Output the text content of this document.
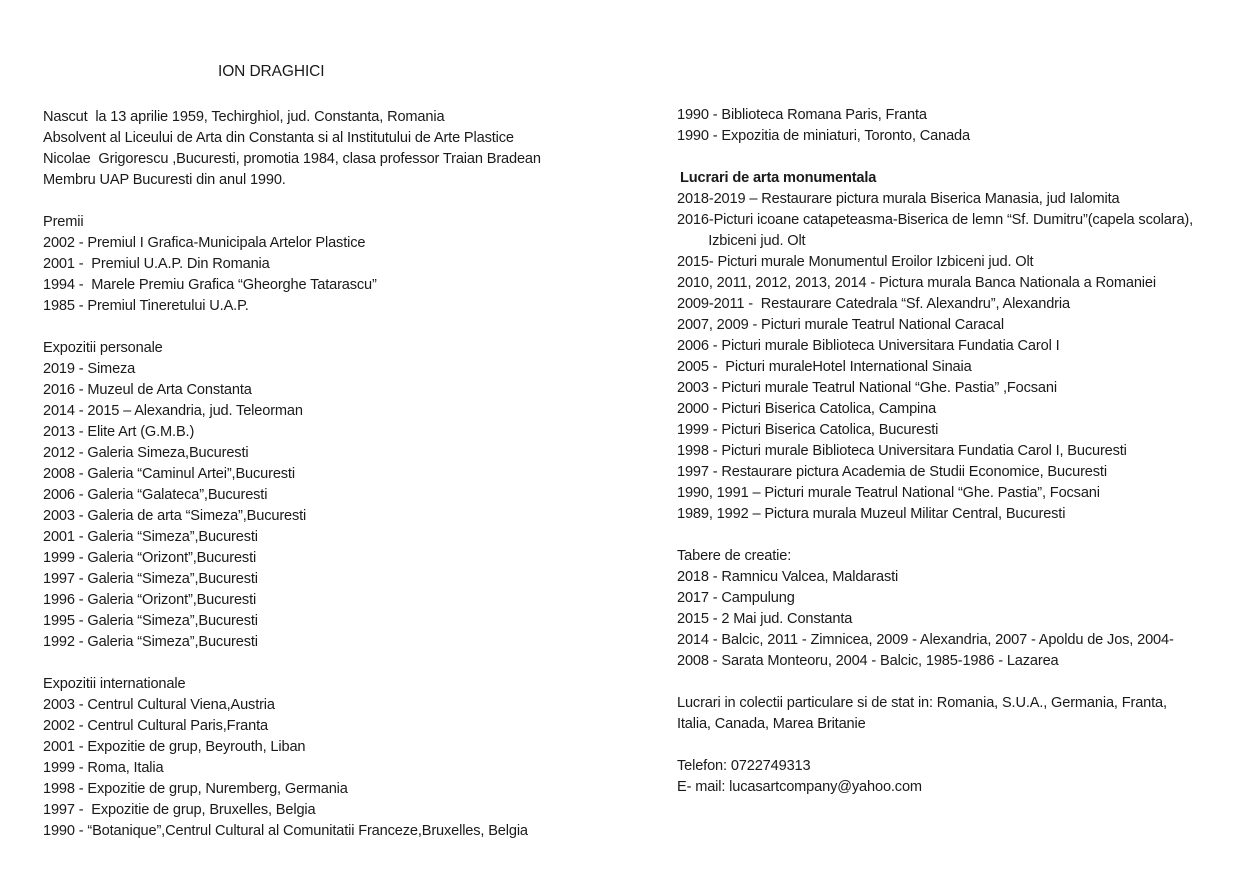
ION DRAGHICI
Nascut  la 13 aprilie 1959, Techirghiol, jud. Constanta, Romania
Absolvent al Liceului de Arta din Constanta si al Institutului de Arte Plastice
Nicolae  Grigorescu ,Bucuresti, promotia 1984, clasa professor Traian Bradean
Membru UAP Bucuresti din anul 1990.
Premii
2002 - Premiul I Grafica-Municipala Artelor Plastice
2001 -  Premiul U.A.P. Din Romania
1994 -  Marele Premiu Grafica “Gheorghe Tatarascu”
1985 - Premiul Tineretului U.A.P.
Expozitii personale
2019 - Simeza
2016 - Muzeul de Arta Constanta
2014 - 2015 – Alexandria, jud. Teleorman
2013 - Elite Art (G.M.B.)
2012 - Galeria Simeza,Bucuresti
2008 - Galeria “Caminul Artei”,Bucuresti
2006 - Galeria “Galateca”,Bucuresti
2003 - Galeria de arta “Simeza”,Bucuresti
2001 - Galeria “Simeza”,Bucuresti
1999 - Galeria “Orizont”,Bucuresti
1997 - Galeria “Simeza”,Bucuresti
1996 - Galeria “Orizont”,Bucuresti
1995 - Galeria “Simeza”,Bucuresti
1992 - Galeria “Simeza”,Bucuresti
Expozitii internationale
2003 - Centrul Cultural Viena,Austria
2002 - Centrul Cultural Paris,Franta
2001 - Expozitie de grup, Beyrouth, Liban
1999 - Roma, Italia
1998 - Expozitie de grup, Nuremberg, Germania
1997 -  Expozitie de grup, Bruxelles, Belgia
1990 - “Botanique”,Centrul Cultural al Comunitatii Franceze,Bruxelles, Belgia
1990 - Biblioteca Romana Paris, Franta
1990 - Expozitia de miniaturi, Toronto, Canada
Lucrari de arta monumentala
2018-2019 – Restaurare pictura murala Biserica Manasia, jud Ialomita
2016-Picturi icoane catapeteasma-Biserica de lemn “Sf. Dumitru”(capela scolara),
Izbiceni jud. Olt
2015- Picturi murale Monumentul Eroilor Izbiceni jud. Olt
2010, 2011, 2012, 2013, 2014 - Pictura murala Banca Nationala a Romaniei
2009-2011 -  Restaurare Catedrala “Sf. Alexandru”, Alexandria
2007, 2009 - Picturi murale Teatrul National Caracal
2006 - Picturi murale Biblioteca Universitara Fundatia Carol I
2005 -  Picturi muraleHotel International Sinaia
2003 - Picturi murale Teatrul National “Ghe. Pastia” ,Focsani
2000 - Picturi Biserica Catolica, Campina
1999 - Picturi Biserica Catolica, Bucuresti
1998 - Picturi murale Biblioteca Universitara Fundatia Carol I, Bucuresti
1997 - Restaurare pictura Academia de Studii Economice, Bucuresti
1990, 1991 – Picturi murale Teatrul National “Ghe. Pastia”, Focsani
1989, 1992 – Pictura murala Muzeul Militar Central, Bucuresti
Tabere de creatie:
2018 - Ramnicu Valcea, Maldarasti
2017 - Campulung
2015 - 2 Mai jud. Constanta
2014 - Balcic, 2011 - Zimnicea, 2009 - Alexandria, 2007 - Apoldu de Jos, 2004-
2008 - Sarata Monteoru, 2004 - Balcic, 1985-1986 - Lazarea
Lucrari in colectii particulare si de stat in: Romania, S.U.A., Germania, Franta,
Italia, Canada, Marea Britanie
Telefon: 0722749313
E- mail: lucasartcompany@yahoo.com
